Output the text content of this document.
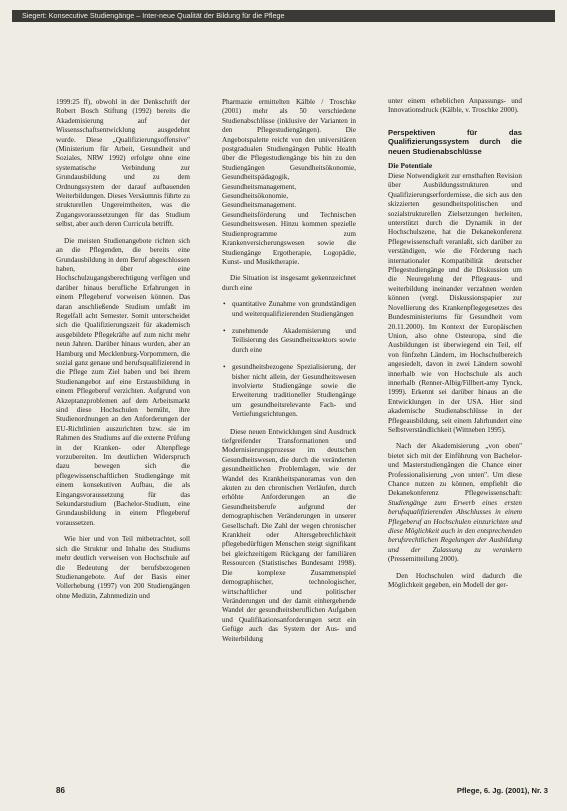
Siegert: Konsecutive Studiengänge – Inter-neue Qualität der Bildung für die Pflege

1999:25 ff), obwohl in der Denkschrift der Robert Bosch Stiftung (1992) bereits die Akademisierung auf der Wissensschaftsentwicklung ausgedehnt wurde. Diese „Qualifizierungsoffensive" (Ministerium für Arbeit, Gesundheit und Soziales, NRW 1992) erfolgte ohne eine systematische Verbindung zur Grundausbildung und zu dem Ordnungssystem der darauf aufbauenden Weiterbildungen. Dieses Versäumnis führte zu strukturellen Ungereimtheiten, was die Zugangsvoraussetzungen für das Studium selbst, aber auch deren Curricula betrifft.

Die meisten Studienangebote richten sich an die Pflegenden, die bereits eine Grundausbildung in dem Beruf abgeschlossen haben, über eine Hochschulzugangsberechtigung verfügen und darüber hinaus berufliche Erfahrungen in einem Pflegeberuf vorweisen können. Das daran anschließende Studium umfaßt im Regelfall acht Semester. Somit unterscheidet sich die Qualifizierungszeit für akademisch ausgebildete Pflegekräfte auf zum nicht mehr neun Jahren. Darüber hinaus wurden, aber an Hamburg und Mecklenburg-Vorpommern, die sozial ganz genaue und berufsqualifizierend in die Pflege zum Ziel haben und bei ihrem Studienangebot auf eine Erstausbildung in einem Pflegeberuf verzichten. Aufgrund von Akzeptanzproblemen auf dem Arbeitsmarkt sind diese Hochschulen bemüht, ihre Studienordnungen an den Anforderungen der EU-Richtlinien auszurichten bzw. sie im Rahmen des Studiums auf die externe Prüfung in der Kranken- oder Altenpflege vorzubereiten. Im deutlichen Widerspruch dazu bewegen sich die pflegewissenschaftlichen Studiengänge mit einem konsekutiven Aufbau, die als Eingangsvoraussetzung für das Sekundarstudium (Bachelor-Studium, eine Grundausbildung in einem Pflegeberuf voraussetzen.

Wie hier und von Teil mitbetrachtet, soll sich die Struktur und Inhalte des Studiums mehr deutlich verweisen von Hochschule auf die Bedeutung der berufsbezogenen Studienangebote. Auf der Basis einer Vollerhebung (1997) von 200 Studiengängen ohne Medizin, Zahnmedizin und

Pharmazie ermittelten Kälble / Troschke (2001) mehr als 50 verschiedene Studienabschlüsse (inklusive der Varianten in den Pflegestudiengängen). Die Angebotspalette reicht von den universitären postgradualen Studiengängen Public Health über die Pflegestudiengänge bis hin zu den Studiengängen Gesundheitsökonomie, Gesundheitspädagogik, Gesundheitsmanagement, Gesundheitsökonomie, Gesundheitsmanagement. Gesundheitsförderung und Technischen Gesundheitswesen. Hinzu kommen spezielle Studienprogramme zum Krankenversicherungswesen sowie die Studiengänge Ergotherapie, Logopädie, Kunst- und Musiktherapie.

Die Situation ist insgesamt gekennzeichnet durch eine

• quantitative Zunahme von grundständigen und weiterqualifizierenden Studiengängen
• zunehmende Akademisierung und Teilisierung des Gesundheitssektors sowie durch eine
• gesundheitsbezogene Spezialisierung, der bisher nicht allein, der Gesundheitswesen involvierte Studiengänge sowie die Erweiterung traditioneller Studiengänge um gesundheitsrelevante Fach- und Vertiefungsrichtungen.

Diese neuen Entwicklungen sind Ausdruck tiefgreifender Transformationen und Modernisierungsprozesse im deutschen Gesundheitswesen, die durch die veränderten gesundheitlichen Problemlagen, wie der Wandel des Krankheitspanoramas von den akuten zu den chronischen Verläufen, durch erhöhte Anforderungen an die Gesundheitsberufe aufgrund der demographischen Veränderungen in unserer Gesellschaft. Die Zahl der wegen chronischer Krankheit oder Altersgebrechlichkeit pflegebedürftigen Menschen steigt signifikant bei gleichzeitigem Rückgang der familiären Ressourcen (Statistisches Bundesamt 1998). Die komplexe Zusammenspiel demographischer, technologischer, wirtschaftlicher und politischer Veränderungen und der damit einhergehende Wandel der gesundheitsberuflichen Aufgaben und Qualifikationsanforderungen setzt ein Gefüge auch das System der Aus- und Weiterbildung

unter einem erheblichen Anpassungs- und Innovationsdruck (Kälble, v. Troschke 2000).

Perspektiven für das Qualifizierungssystem durch die neuen Studienabschlüsse
Die Potentiale

Diese Notwendigkeit zur ernsthaften Revision über Ausbildungsstrukturen und Qualifizierungserfordernisse, die sich aus den skizzierten gesundheitspolitischen und sozialstrukturellen Zielsetzungen herleiten, unterstützt durch die Dynamik in der Hochschulszene, hat die Dekanekonferenz Pflegewissenschaft veranlaßt, sich darüber zu verständigen, wie die Förderung nach internationaler Kompatibilität deutscher Pflegestudiengänge und die Diskussion um die Neuregelung der Pflegeaus- und weiterbildung ineinander verzahnen werden können (vergl. Diskussionspapier zur Novellierung des Krankenpflegegesetzes des Bundesministeriums für Gesundheit vom 20.11.2000). Im Kontext der Europäischen Union, also ohne Osteuropa, sind die Ausbildungen ist überwiegend ein Teil, elf von fünfzehn Ländern, im Hochschulbereich angesiedelt, davon in zwei Ländern sowohl innerhalb wie von Hochschule als auch innerhalb (Renner-Albig/Fillbert-amy Tynck, 1999). Erkennt sei darüber hinaus an die Entwicklungen in der USA. Hier sind akademische Studienabschlüsse in der Pflegeausbildung, seit einem Jahrhundert eine Selbstverständlichkeit (Wittneben 1995).

Nach der Akademisierung „von oben" bietet sich mit der Einführung von Bachelor- und Masterstudiengängen die Chance einer Professionalisierung „von unten". Um diese Chance nutzen zu können, empfiehlt die Dekanekonferenz Pflegewissenschaft: Studiengänge zum Erwerb eines ersten berufsqualifizierenden Abschlusses in einem Pflegeberuf an Hochschulen einzurichten und diese Möglichkeit auch in den entsprechenden berufsrechtlichen Regelungen der Ausbildung und der Zulassung zu verankern (Pressemitteilung 2000).

Den Hochschulen wird dadurch die Möglichkeit gegeben, ein Modell der ger-

86	Pflege, 6. Jg. (2001), Nr. 3
